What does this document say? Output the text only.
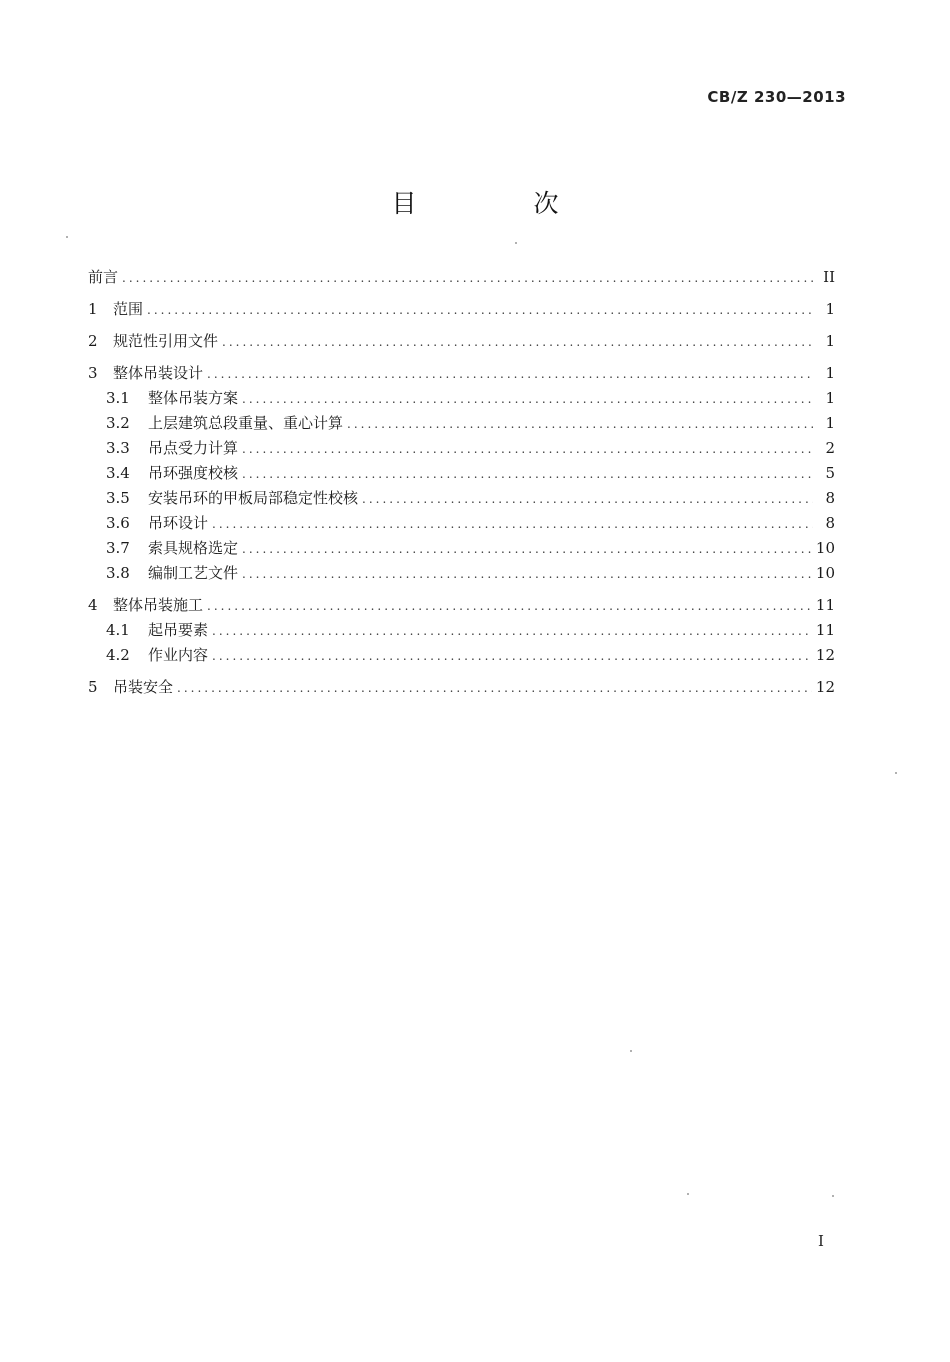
CB/Z 230—2013
目　次
前言 .....	II
1	范围 .....	1
2	规范性引用文件 .....	1
3	整体吊装设计 .....	1
3.1	整体吊装方案 .....	1
3.2	上层建筑总段重量、重心计算 .....	1
3.3	吊点受力计算 .....	2
3.4	吊环强度校核 .....	5
3.5	安装吊环的甲板局部稳定性校核 .....	8
3.6	吊环设计 .....	8
3.7	索具规格选定 .....	10
3.8	编制工艺文件 .....	10
4	整体吊装施工 .....	11
4.1	起吊要素 .....	11
4.2	作业内容 .....	12
5	吊装安全 .....	12
I
